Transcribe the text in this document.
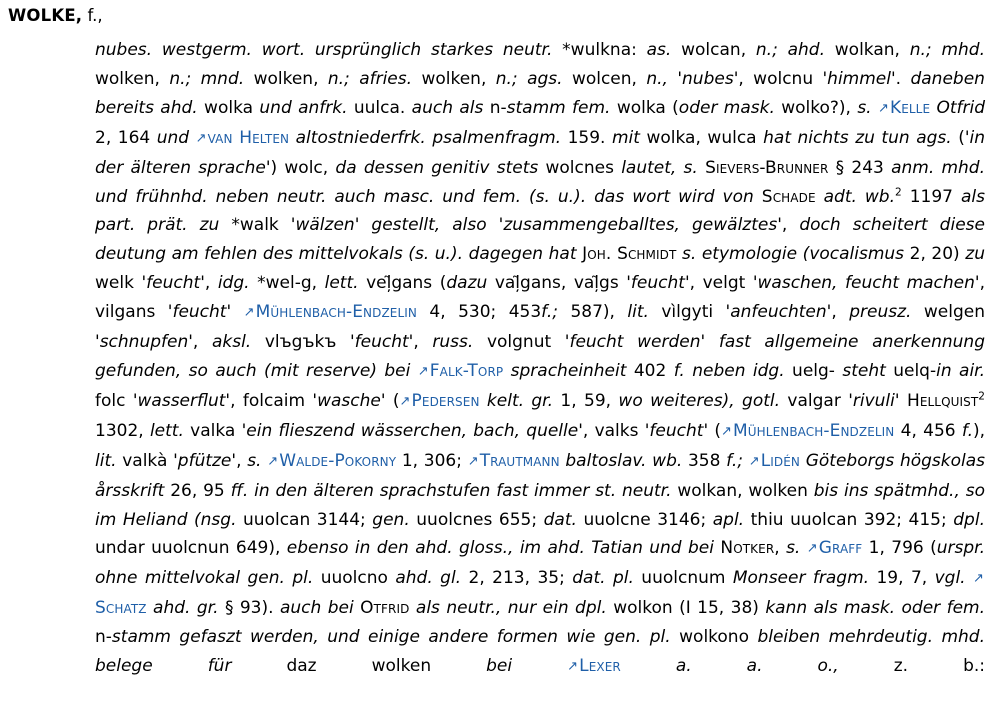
WOLKE, f.,

nubes. westgerm. wort. ursprünglich starkes neutr. *wulkna: as. wolcan, n.; ahd. wolkan, n.; mhd. wolken, n.; mnd. wolken, n.; afries. wolken, n.; ags. wolcen, n., 'nubes', wolcnu 'himmel'. daneben bereits ahd. wolka und anfrk. uulca. auch als n-stamm fem. wolka (oder mask. wolko?), s. ↗Kelle Otfrid 2, 164 und ↗van Helten altostniederfrk. psalmenfragm. 159. mit wolka, wulca hat nichts zu tun ags. ('in der älteren sprache') wolc, da dessen genitiv stets wolcnes lautet, s. Sievers-Brunner § 243 anm. mhd. und frühnhd. neben neutr. auch masc. und fem. (s. u.). das wort wird von Schade adt. wb.$^2$ 1197 als part. prät. zu *walk 'wälzen' gestellt, also 'zusammengeballtes, gewälztes', doch scheitert diese deutung am fehlen des mittelvokals (s. u.). dagegen hat Joh. Schmidt s. etymologie (vocalismus 2, 20) zu welk 'feucht', idg. *wel-g, lett. veļ̃gans (dazu vaļ̃gans, vaļ̃gs 'feucht', velgt 'waschen, feucht machen', vilgans 'feucht' ↗Mühlenbach-Endzelin 4, 530; 453f.; 587), lit. vìlgyti 'anfeuchten', preusz. welgen 'schnupfen', aksl. vlъgъkъ 'feucht', russ. volgnut 'feucht werden' fast allgemeine anerkennung gefunden, so auch (mit reserve) bei ↗Falk-Torp spracheinheit 402 f. neben idg. uelg- steht uelq-in air. folc 'wasserflut', folcaim 'wasche' (↗Pedersen kelt. gr. 1, 59, wo weiteres), gotl. valgar 'rivuli' Hellquist$^2$ 1302, lett. valka 'ein flieszend wässerchen, bach, quelle', valks 'feucht' (↗Mühlenbach-Endzelin 4, 456 f.), lit. valkà 'pfütze', s. ↗Walde-Pokorny 1, 306; ↗Trautmann baltoslav. wb. 358 f.; ↗Lidén Göteborgs högskolas årsskrift 26, 95 ff. in den älteren sprachstufen fast immer st. neutr. wolkan, wolken bis ins spätmhd., so im Heliand (nsg. uuolcan 3144; gen. uuolcnes 655; dat. uuolcne 3146; apl. thiu uuolcan 392; 415; dpl. undar uuolcnun 649), ebenso in den ahd. gloss., im ahd. Tatian und bei Notker, s. ↗Graff 1, 796 (urspr. ohne mittelvokal gen. pl. uuolcno ahd. gl. 2, 213, 35; dat. pl. uuolcnum Monseer fragm. 19, 7, vgl. ↗Schatz ahd. gr. § 93). auch bei Otfrid als neutr., nur ein dpl. wolkon (I 15, 38) kann als mask. oder fem. n-stamm gefaszt werden, und einige andere formen wie gen. pl. wolkono bleiben mehrdeutig. mhd. belege für daz wolken bei ↗Lexer a. a. o., z. b.:
